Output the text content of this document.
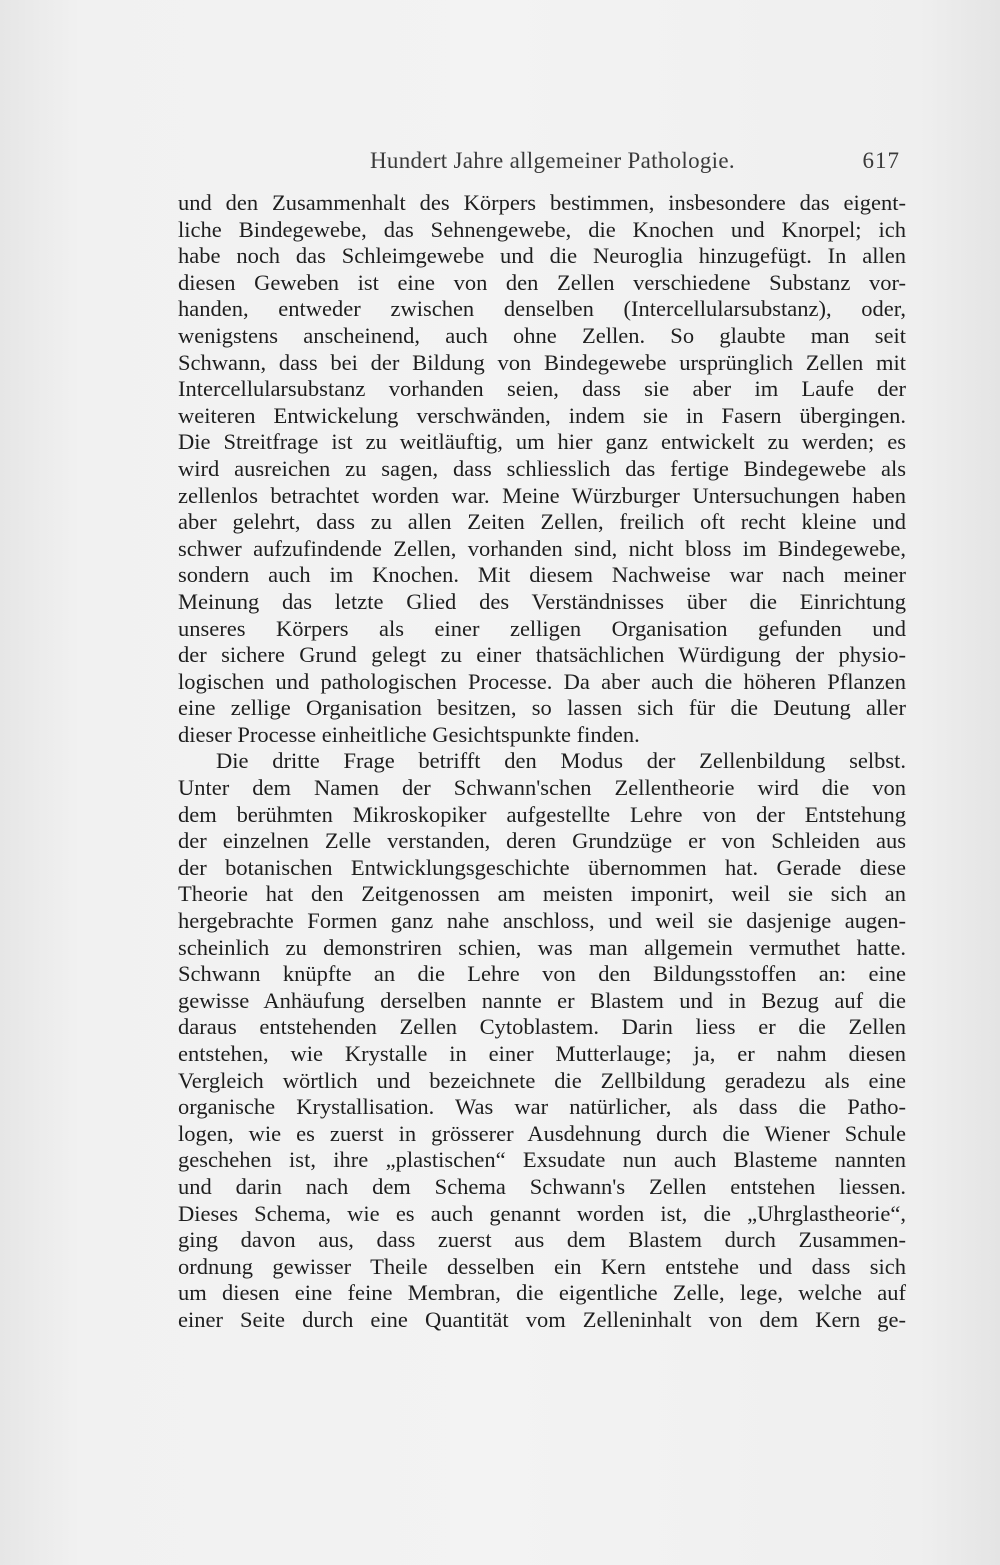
Hundert Jahre allgemeiner Pathologie.	617
und den Zusammenhalt des Körpers bestimmen, insbesondere das eigent-
liche Bindegewebe, das Sehnengewebe, die Knochen und Knorpel; ich
habe noch das Schleimgewebe und die Neuroglia hinzugefügt. In allen
diesen Geweben ist eine von den Zellen verschiedene Substanz vor-
handen, entweder zwischen denselben (Intercellularsubstanz), oder,
wenigstens anscheinend, auch ohne Zellen. So glaubte man seit
Schwann, dass bei der Bildung von Bindegewebe ursprünglich Zellen mit
Intercellularsubstanz vorhanden seien, dass sie aber im Laufe der
weiteren Entwickelung verschwänden, indem sie in Fasern übergingen.
Die Streitfrage ist zu weitläuftig, um hier ganz entwickelt zu werden; es
wird ausreichen zu sagen, dass schliesslich das fertige Bindegewebe als
zellenlos betrachtet worden war. Meine Würzburger Untersuchungen haben
aber gelehrt, dass zu allen Zeiten Zellen, freilich oft recht kleine und
schwer aufzufindende Zellen, vorhanden sind, nicht bloss im Bindegewebe,
sondern auch im Knochen. Mit diesem Nachweise war nach meiner
Meinung das letzte Glied des Verständnisses über die Einrichtung
unseres Körpers als einer zelligen Organisation gefunden und
der sichere Grund gelegt zu einer thatsächlichen Würdigung der physio-
logischen und pathologischen Processe. Da aber auch die höheren Pflanzen
eine zellige Organisation besitzen, so lassen sich für die Deutung aller
dieser Processe einheitliche Gesichtspunkte finden.
Die dritte Frage betrifft den Modus der Zellenbildung selbst.
Unter dem Namen der Schwann'schen Zellentheorie wird die von
dem berühmten Mikroskopiker aufgestellte Lehre von der Entstehung
der einzelnen Zelle verstanden, deren Grundzüge er von Schleiden aus
der botanischen Entwicklungsgeschichte übernommen hat. Gerade diese
Theorie hat den Zeitgenossen am meisten imponirt, weil sie sich an
hergebrachte Formen ganz nahe anschloss, und weil sie dasjenige augen-
scheinlich zu demonstriren schien, was man allgemein vermuthet hatte.
Schwann knüpfte an die Lehre von den Bildungsstoffen an: eine
gewisse Anhäufung derselben nannte er Blastem und in Bezug auf die
daraus entstehenden Zellen Cytoblastem. Darin liess er die Zellen
entstehen, wie Krystalle in einer Mutterlauge; ja, er nahm diesen
Vergleich wörtlich und bezeichnete die Zellbildung geradezu als eine
organische Krystallisation. Was war natürlicher, als dass die Patho-
logen, wie es zuerst in grösserer Ausdehnung durch die Wiener Schule
geschehen ist, ihre „plastischen“ Exsudate nun auch Blasteme nannten
und darin nach dem Schema Schwann's Zellen entstehen liessen.
Dieses Schema, wie es auch genannt worden ist, die „Uhrglastheorie“,
ging davon aus, dass zuerst aus dem Blastem durch Zusammen-
ordnung gewisser Theile desselben ein Kern entstehe und dass sich
um diesen eine feine Membran, die eigentliche Zelle, lege, welche auf
einer Seite durch eine Quantität vom Zelleninhalt von dem Kern ge-
